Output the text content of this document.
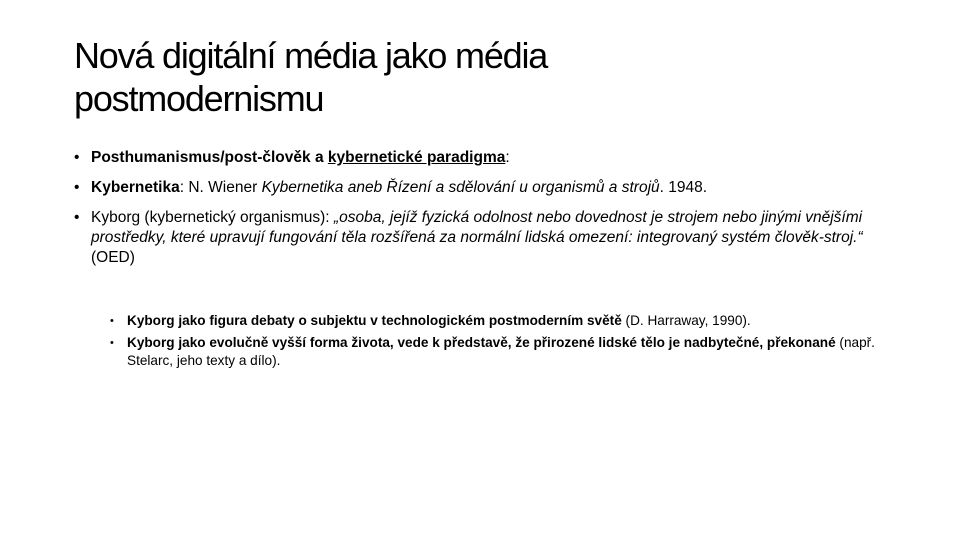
Nová digitální média jako média
postmodernismu
• Posthumanismus/post-člověk a kybernetické paradigma:
• Kybernetika: N. Wiener Kybernetika aneb Řízení a sdělování u organismů a strojů. 1948.
• Kyborg (kybernetický organismus): „osoba, jejíž fyzická odolnost nebo dovednost je strojem nebo jinými vnějšími prostředky, které upravují fungování těla rozšířená za normální lidská omezení: integrovaný systém člověk-stroj.“ (OED)
• Kyborg jako figura debaty o subjektu v technologickém postmoderním světě (D. Harraway, 1990).
• Kyborg jako evolučně vyšší forma života, vede k představě, že přirozené lidské tělo je nadbytečné, překonané (např. Stelarc, jeho texty a dílo).
